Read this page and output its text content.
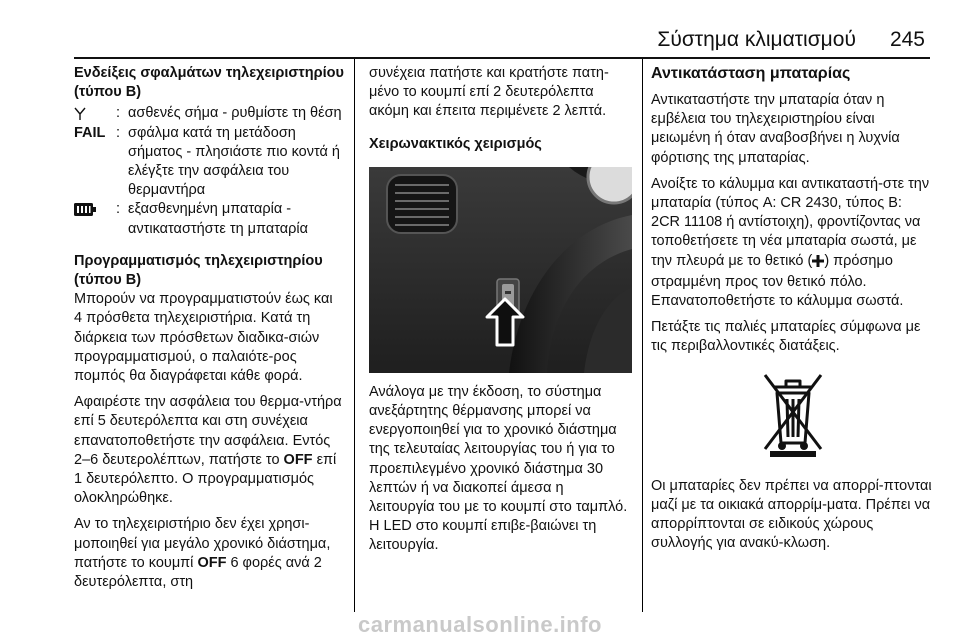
Σύστημα κλιματισμού 245

Ενδείξεις σφαλμάτων τηλεχειριστηρίου (τύπου B)

: ασθενές σήμα - ρυθμίστε τη θέση
FAIL : σφάλμα κατά τη μετάδοση σήματος - πλησιάστε πιο κοντά ή ελέγξτε την ασφάλεια του θερμαντήρα
: εξασθενημένη μπαταρία - αντικαταστήστε τη μπαταρία

Προγραμματισμός τηλεχειριστηρίου (τύπου B)

Μπορούν να προγραμματιστούν έως και 4 πρόσθετα τηλεχειριστήρια. Κατά τη διάρκεια των πρόσθετων διαδικα-σιών προγραμματισμού, ο παλαιότε-ρος πομπός θα διαγράφεται κάθε φορά.

Αφαιρέστε την ασφάλεια του θερμα-ντήρα επί 5 δευτερόλεπτα και στη συνέχεια επανατοποθετήστε την ασφάλεια. Εντός 2–6 δευτερολέπτων, πατήστε το OFF επί 1 δευτερόλεπτο. Ο προγραμματισμός ολοκληρώθηκε.

Αν το τηλεχειριστήριο δεν έχει χρησι-μοποιηθεί για μεγάλο χρονικό διάστημα, πατήστε το κουμπί OFF 6 φορές ανά 2 δευτερόλεπτα, στη

συνέχεια πατήστε και κρατήστε πατη-μένο το κουμπί επί 2 δευτερόλεπτα ακόμη και έπειτα περιμένετε 2 λεπτά.

Χειρωνακτικός χειρισμός

Ανάλογα με την έκδοση, το σύστημα ανεξάρτητης θέρμανσης μπορεί να ενεργοποιηθεί για το χρονικό διάστημα της τελευταίας λειτουργίας του ή για το προεπιλεγμένο χρονικό διάστημα 30 λεπτών ή να διακοπεί άμεσα η λειτουργία του με το κουμπί στο ταμπλό. Η LED στο κουμπί επιβε-βαιώνει τη λειτουργία.

Αντικατάσταση μπαταρίας

Αντικαταστήστε την μπαταρία όταν η εμβέλεια του τηλεχειριστηρίου είναι μειωμένη ή όταν αναβοσβήνει η λυχνία φόρτισης της μπαταρίας.

Ανοίξτε το κάλυμμα και αντικαταστή-στε την μπαταρία (τύπος A: CR 2430, τύπος B: 2CR 11108 ή αντίστοιχη), φροντίζοντας να τοποθετήσετε τη νέα μπαταρία σωστά, με την πλευρά με το θετικό ( ) πρόσημο στραμμένη προς τον θετικό πόλο. Επανατοποθετήστε το κάλυμμα σωστά.

Πετάξτε τις παλιές μπαταρίες σύμφωνα με τις περιβαλλοντικές διατάξεις.

Οι μπαταρίες δεν πρέπει να απορρί-πτονται μαζί με τα οικιακά απορρίμ-ματα. Πρέπει να απορρίπτονται σε ειδικούς χώρους συλλογής για ανακύ-κλωση.

carmanualsonline.info
